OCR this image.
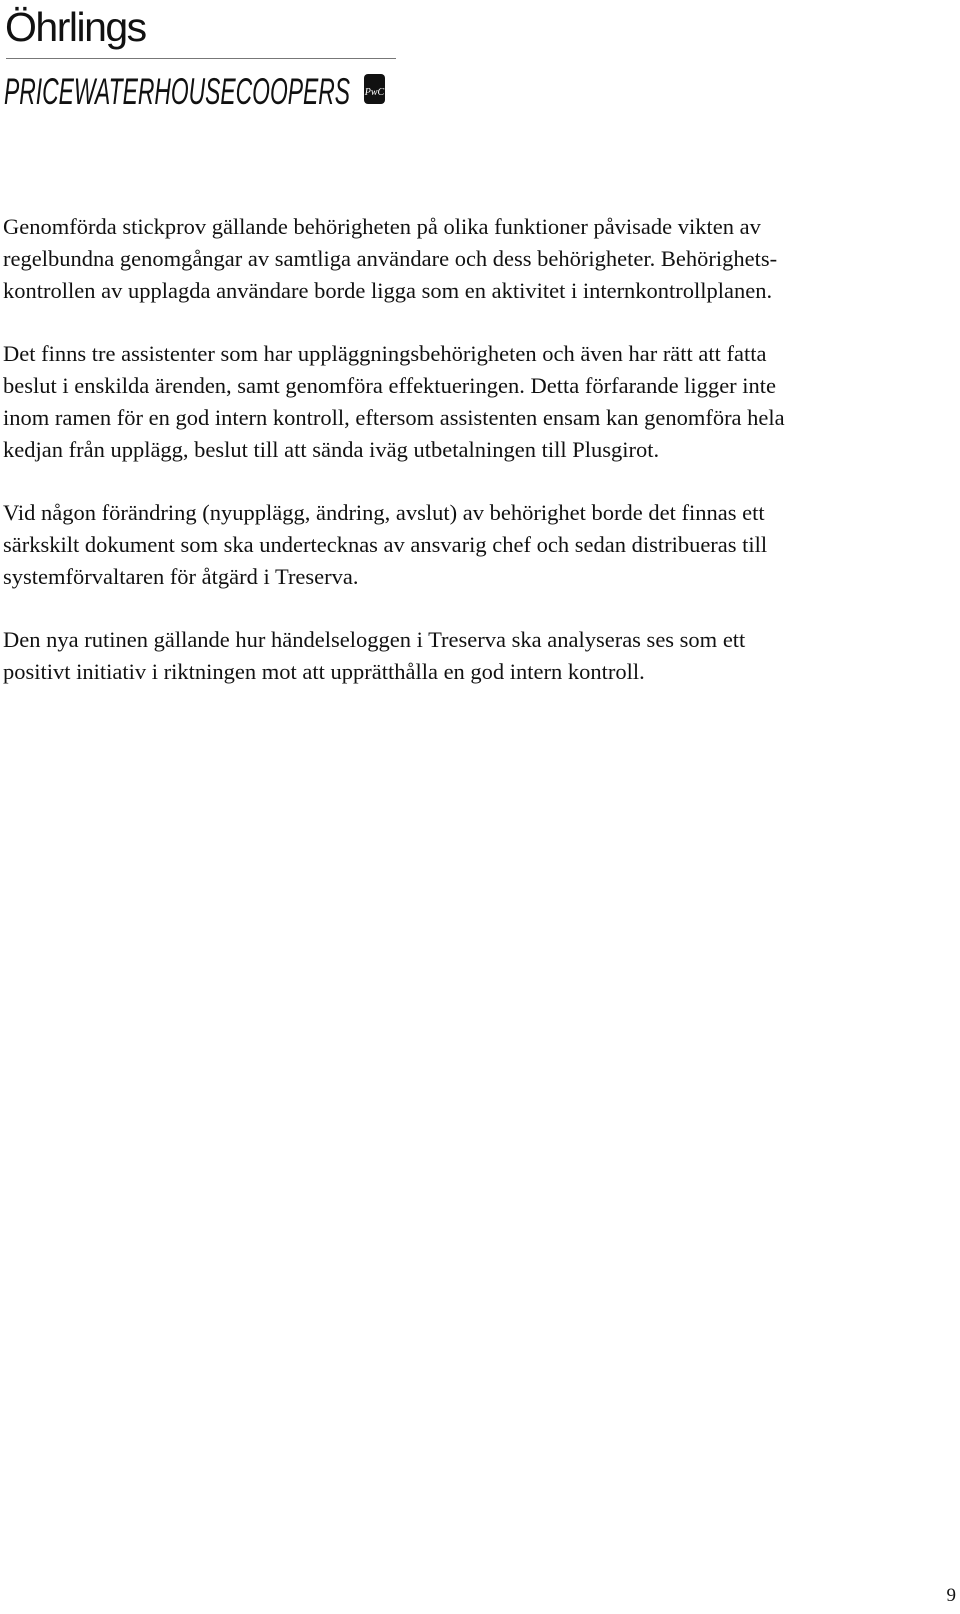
Öhrlings
PRICEWATERHOUSECOOPERS PwC

Genomförda stickprov gällande behörigheten på olika funktioner påvisade vikten av
regelbundna genomgångar av samtliga användare och dess behörigheter. Behörighets-
kontrollen av upplagda användare borde ligga som en aktivitet i internkontrollplanen.

Det finns tre assistenter som har uppläggningsbehörigheten och även har rätt att fatta
beslut i enskilda ärenden, samt genomföra effektueringen. Detta förfarande ligger inte
inom ramen för en god intern kontroll, eftersom assistenten ensam kan genomföra hela
kedjan från upplägg, beslut till att sända iväg utbetalningen till Plusgirot.

Vid någon förändring (nyupplägg, ändring, avslut) av behörighet borde det finnas ett
särkskilt dokument som ska undertecknas av ansvarig chef och sedan distribueras till
systemförvaltaren för åtgärd i Treserva.

Den nya rutinen gällande hur händelseloggen i Treserva ska analyseras ses som ett
positivt initiativ i riktningen mot att upprätthålla en god intern kontroll.

9
